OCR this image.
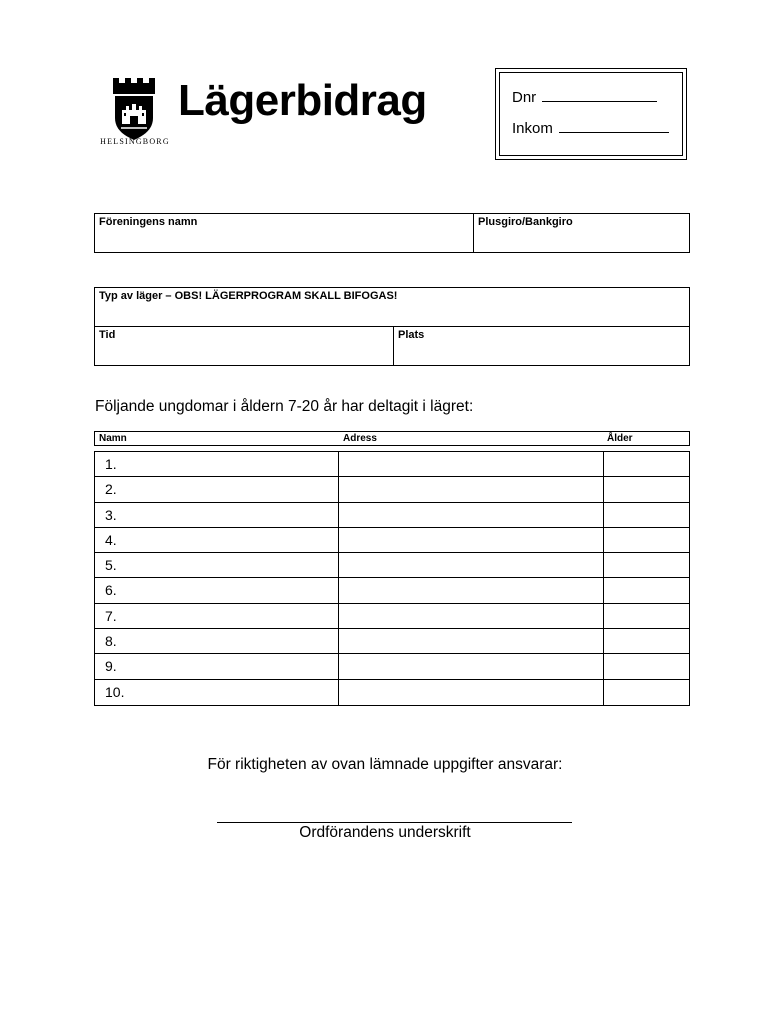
HELSINGBORG
Lägerbidrag	Dnr
Inkom
Föreningens namn	Plusgiro/Bankgiro
Typ av läger – OBS! LÄGERPROGRAM SKALL BIFOGAS!
Tid	Plats
Följande ungdomar i åldern 7-20 år har deltagit i lägret:
Namn	Adress	Ålder
1.
2.
3.
4.
5.
6.
7.
8.
9.
10.
För riktigheten av ovan lämnade uppgifter ansvarar:
Ordförandens underskrift
